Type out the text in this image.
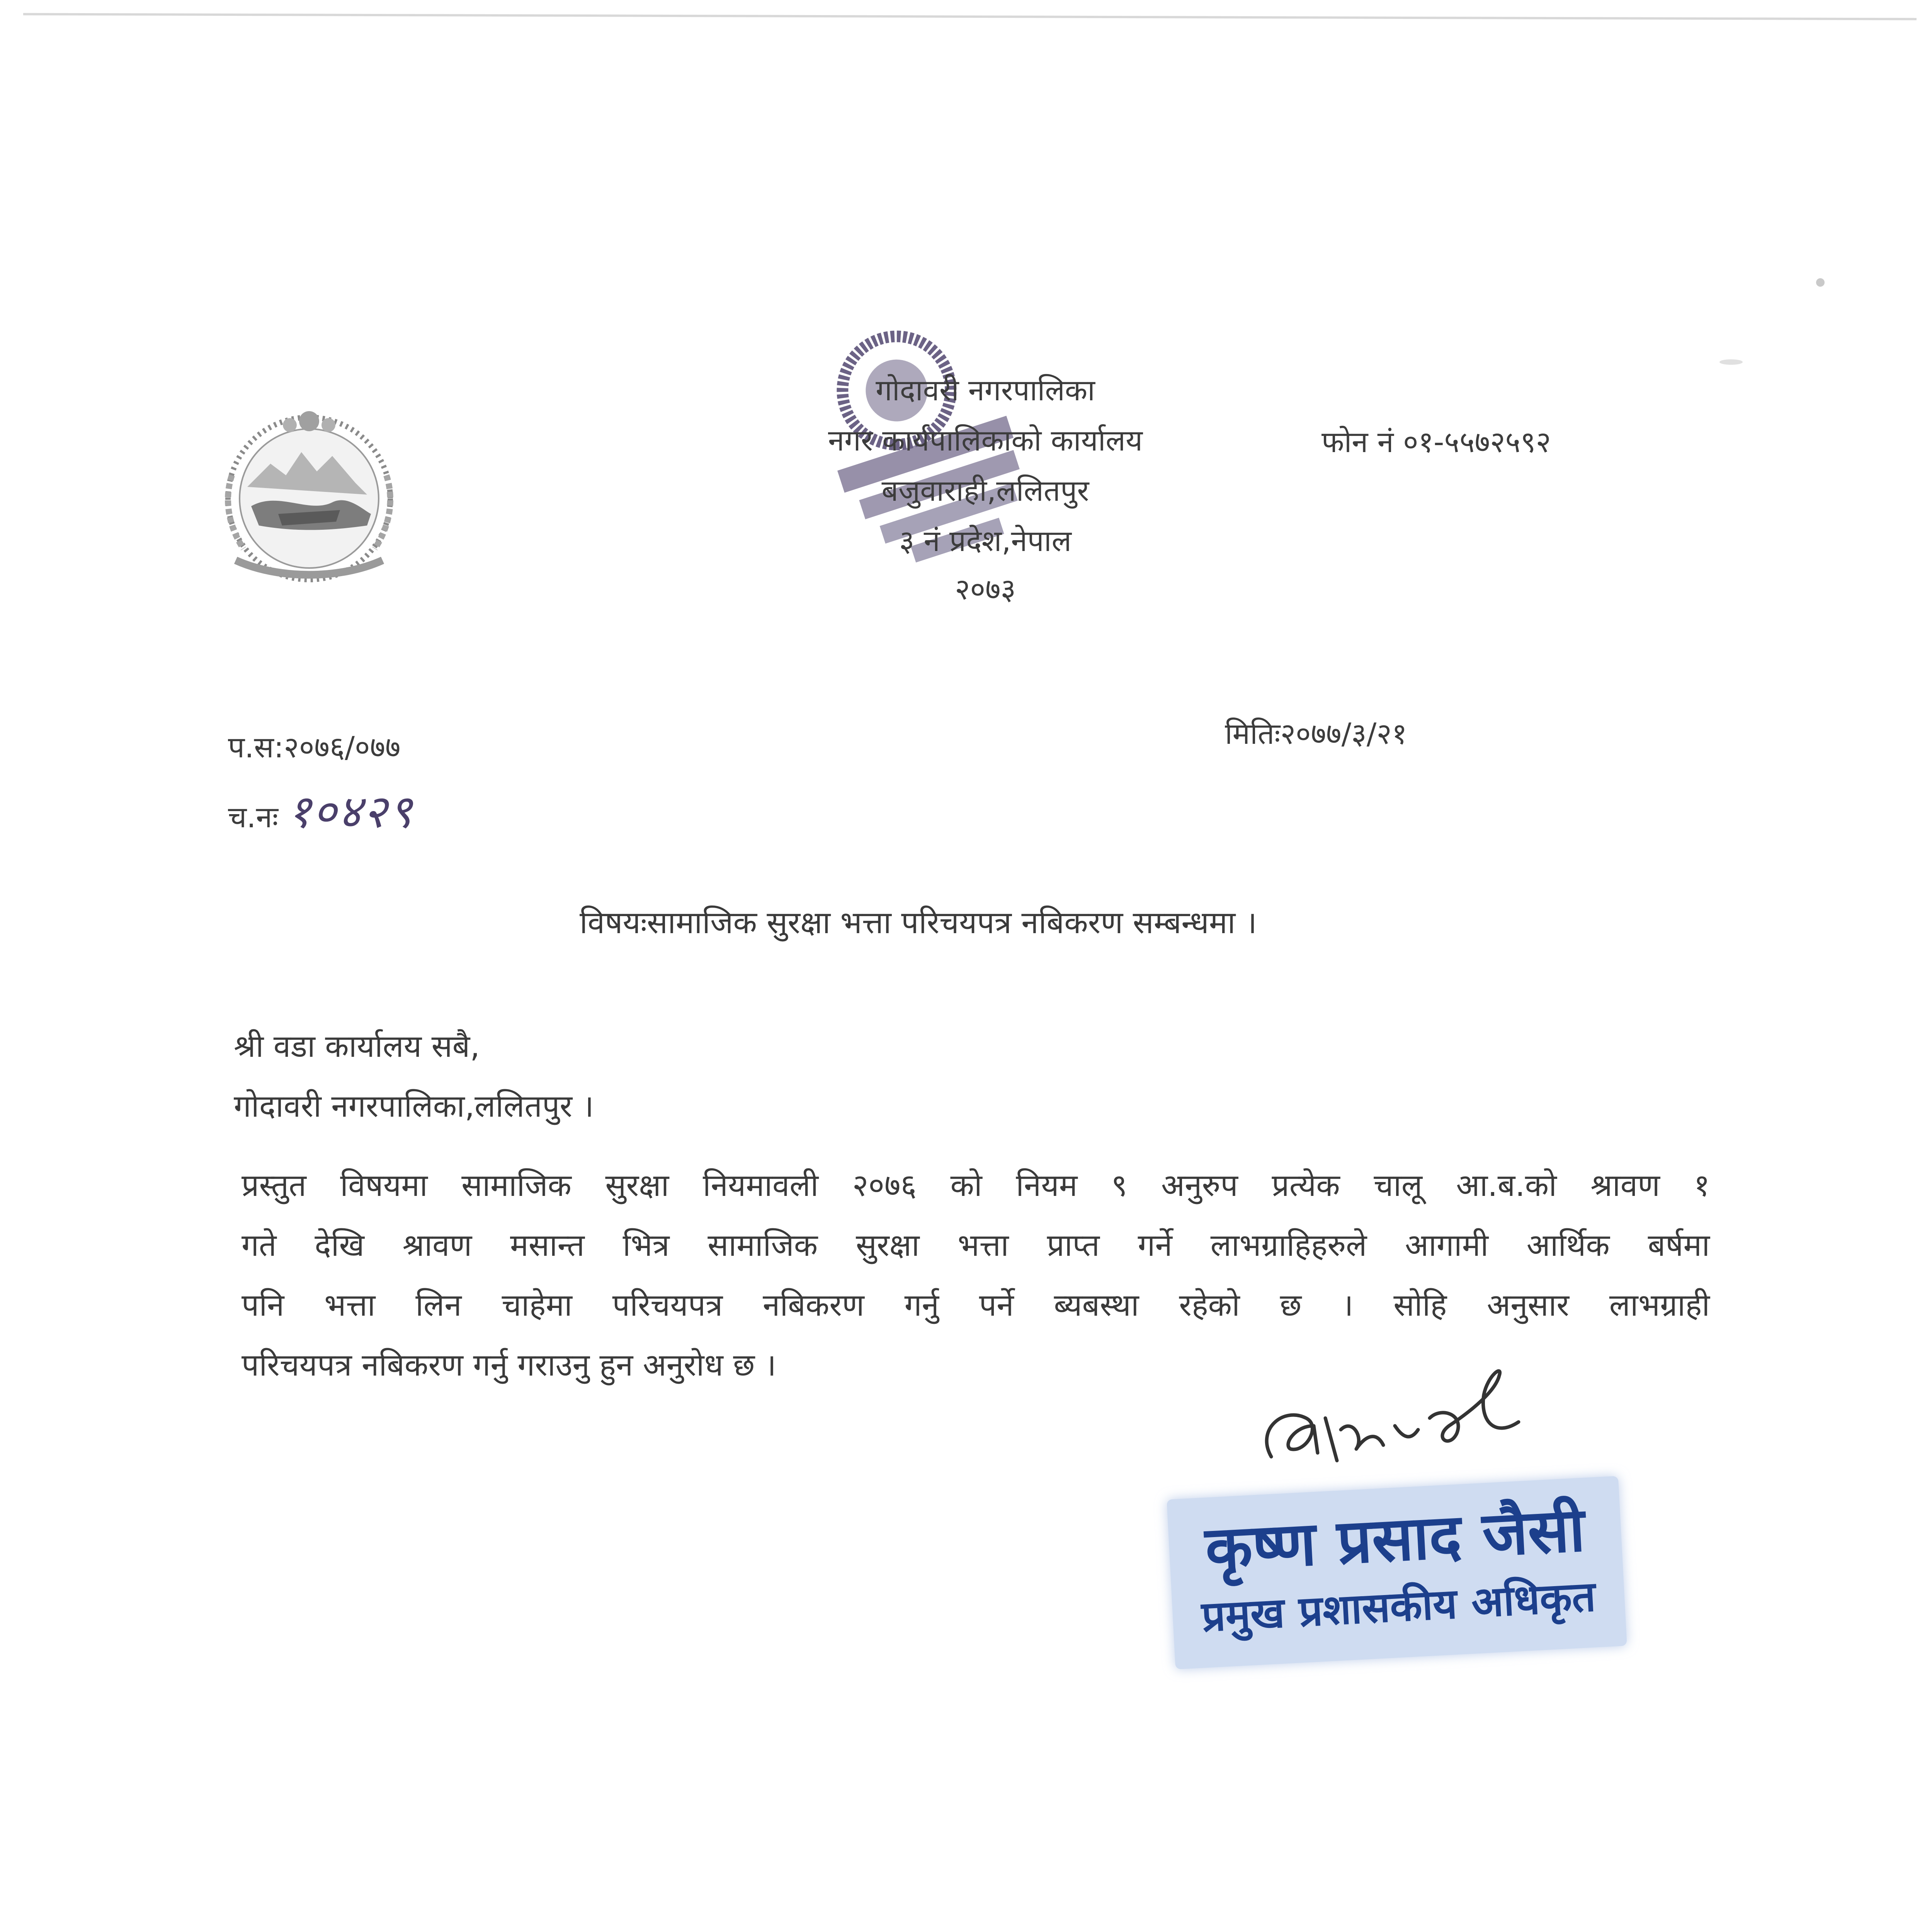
गोदावरी नगरपालिका
नगर कार्यपालिकाको कार्यालय
बजुवाराही,ललितपुर
३ नं प्रदेश,नेपाल
२०७३
फोन नं ०१-५५७२५९२
प.स:२०७६/०७७
च.नः १०४२९
मितिः२०७७/३/२१
विषयःसामाजिक सुरक्षा भत्ता परिचयपत्र नबिकरण सम्बन्धमा ।
श्री वडा कार्यालय सबै,
गोदावरी नगरपालिका,ललितपुर ।
प्रस्तुत विषयमा सामाजिक सुरक्षा नियमावली २०७६ को नियम ९ अनुरुप प्रत्येक चालू आ.ब.को श्रावण १
गते देखि श्रावण मसान्त भित्र सामाजिक सुरक्षा भत्ता प्राप्त गर्ने लाभग्राहिहरुले आगामी आर्थिक बर्षमा
पनि भत्ता लिन चाहेमा परिचयपत्र नबिकरण गर्नु पर्ने ब्यबस्था रहेको छ । सोहि अनुसार लाभग्राही
परिचयपत्र नबिकरण गर्नु गराउनु हुन अनुरोध छ ।
कृष्ण प्रसाद जैसी
प्रमुख प्रशासकीय अधिकृत
